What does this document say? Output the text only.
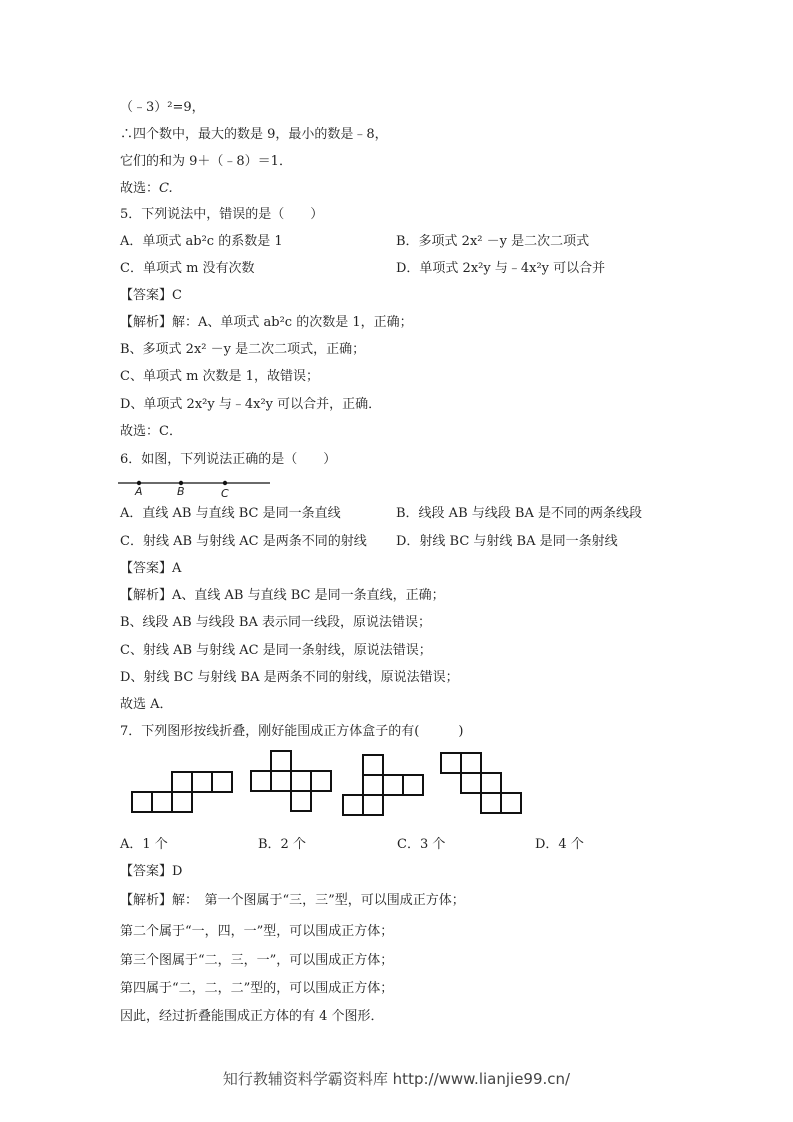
（﹣3）²=9，
∴四个数中，最大的数是 9，最小的数是﹣8，
它们的和为 9＋（﹣8）＝1．
故选：C.
5．下列说法中，错误的是（　　）
A．单项式 ab²c 的系数是 1	B．多项式 2x² －y 是二次二项式
C．单项式 m 没有次数	D．单项式 2x²y 与﹣4x²y 可以合并
【答案】C
【解析】解：A、单项式 ab²c 的次数是 1，正确；
B、多项式 2x² －y 是二次二项式，正确；
C、单项式 m 次数是 1，故错误；
D、单项式 2x²y 与﹣4x²y 可以合并，正确．
故选：C．
6．如图，下列说法正确的是（　　）
A	B	C
A．直线 AB 与直线 BC 是同一条直线	B．线段 AB 与线段 BA 是不同的两条线段
C．射线 AB 与射线 AC 是两条不同的射线 D．射线 BC 与射线 BA 是同一条射线
【答案】A
【解析】A、直线 AB 与直线 BC 是同一条直线，正确；
B、线段 AB 与线段 BA 表示同一线段，原说法错误；
C、射线 AB 与射线 AC 是同一条射线，原说法错误；
D、射线 BC 与射线 BA 是两条不同的射线，原说法错误；
故选 A．
7．下列图形按线折叠，刚好能围成正方体盒子的有(　　　)
A．1 个	B．2 个	C．3 个	D．4 个
【答案】D
【解析】解：　第一个图属于“三，三”型，可以围成正方体；
第二个属于“一，四，一”型，可以围成正方体；
第三个图属于“二，三，一”，可以围成正方体；
第四属于“二，二，二”型的，可以围成正方体；
因此，经过折叠能围成正方体的有 4 个图形．
知行教辅资料学霸资料库 http://www.lianjie99.cn/
